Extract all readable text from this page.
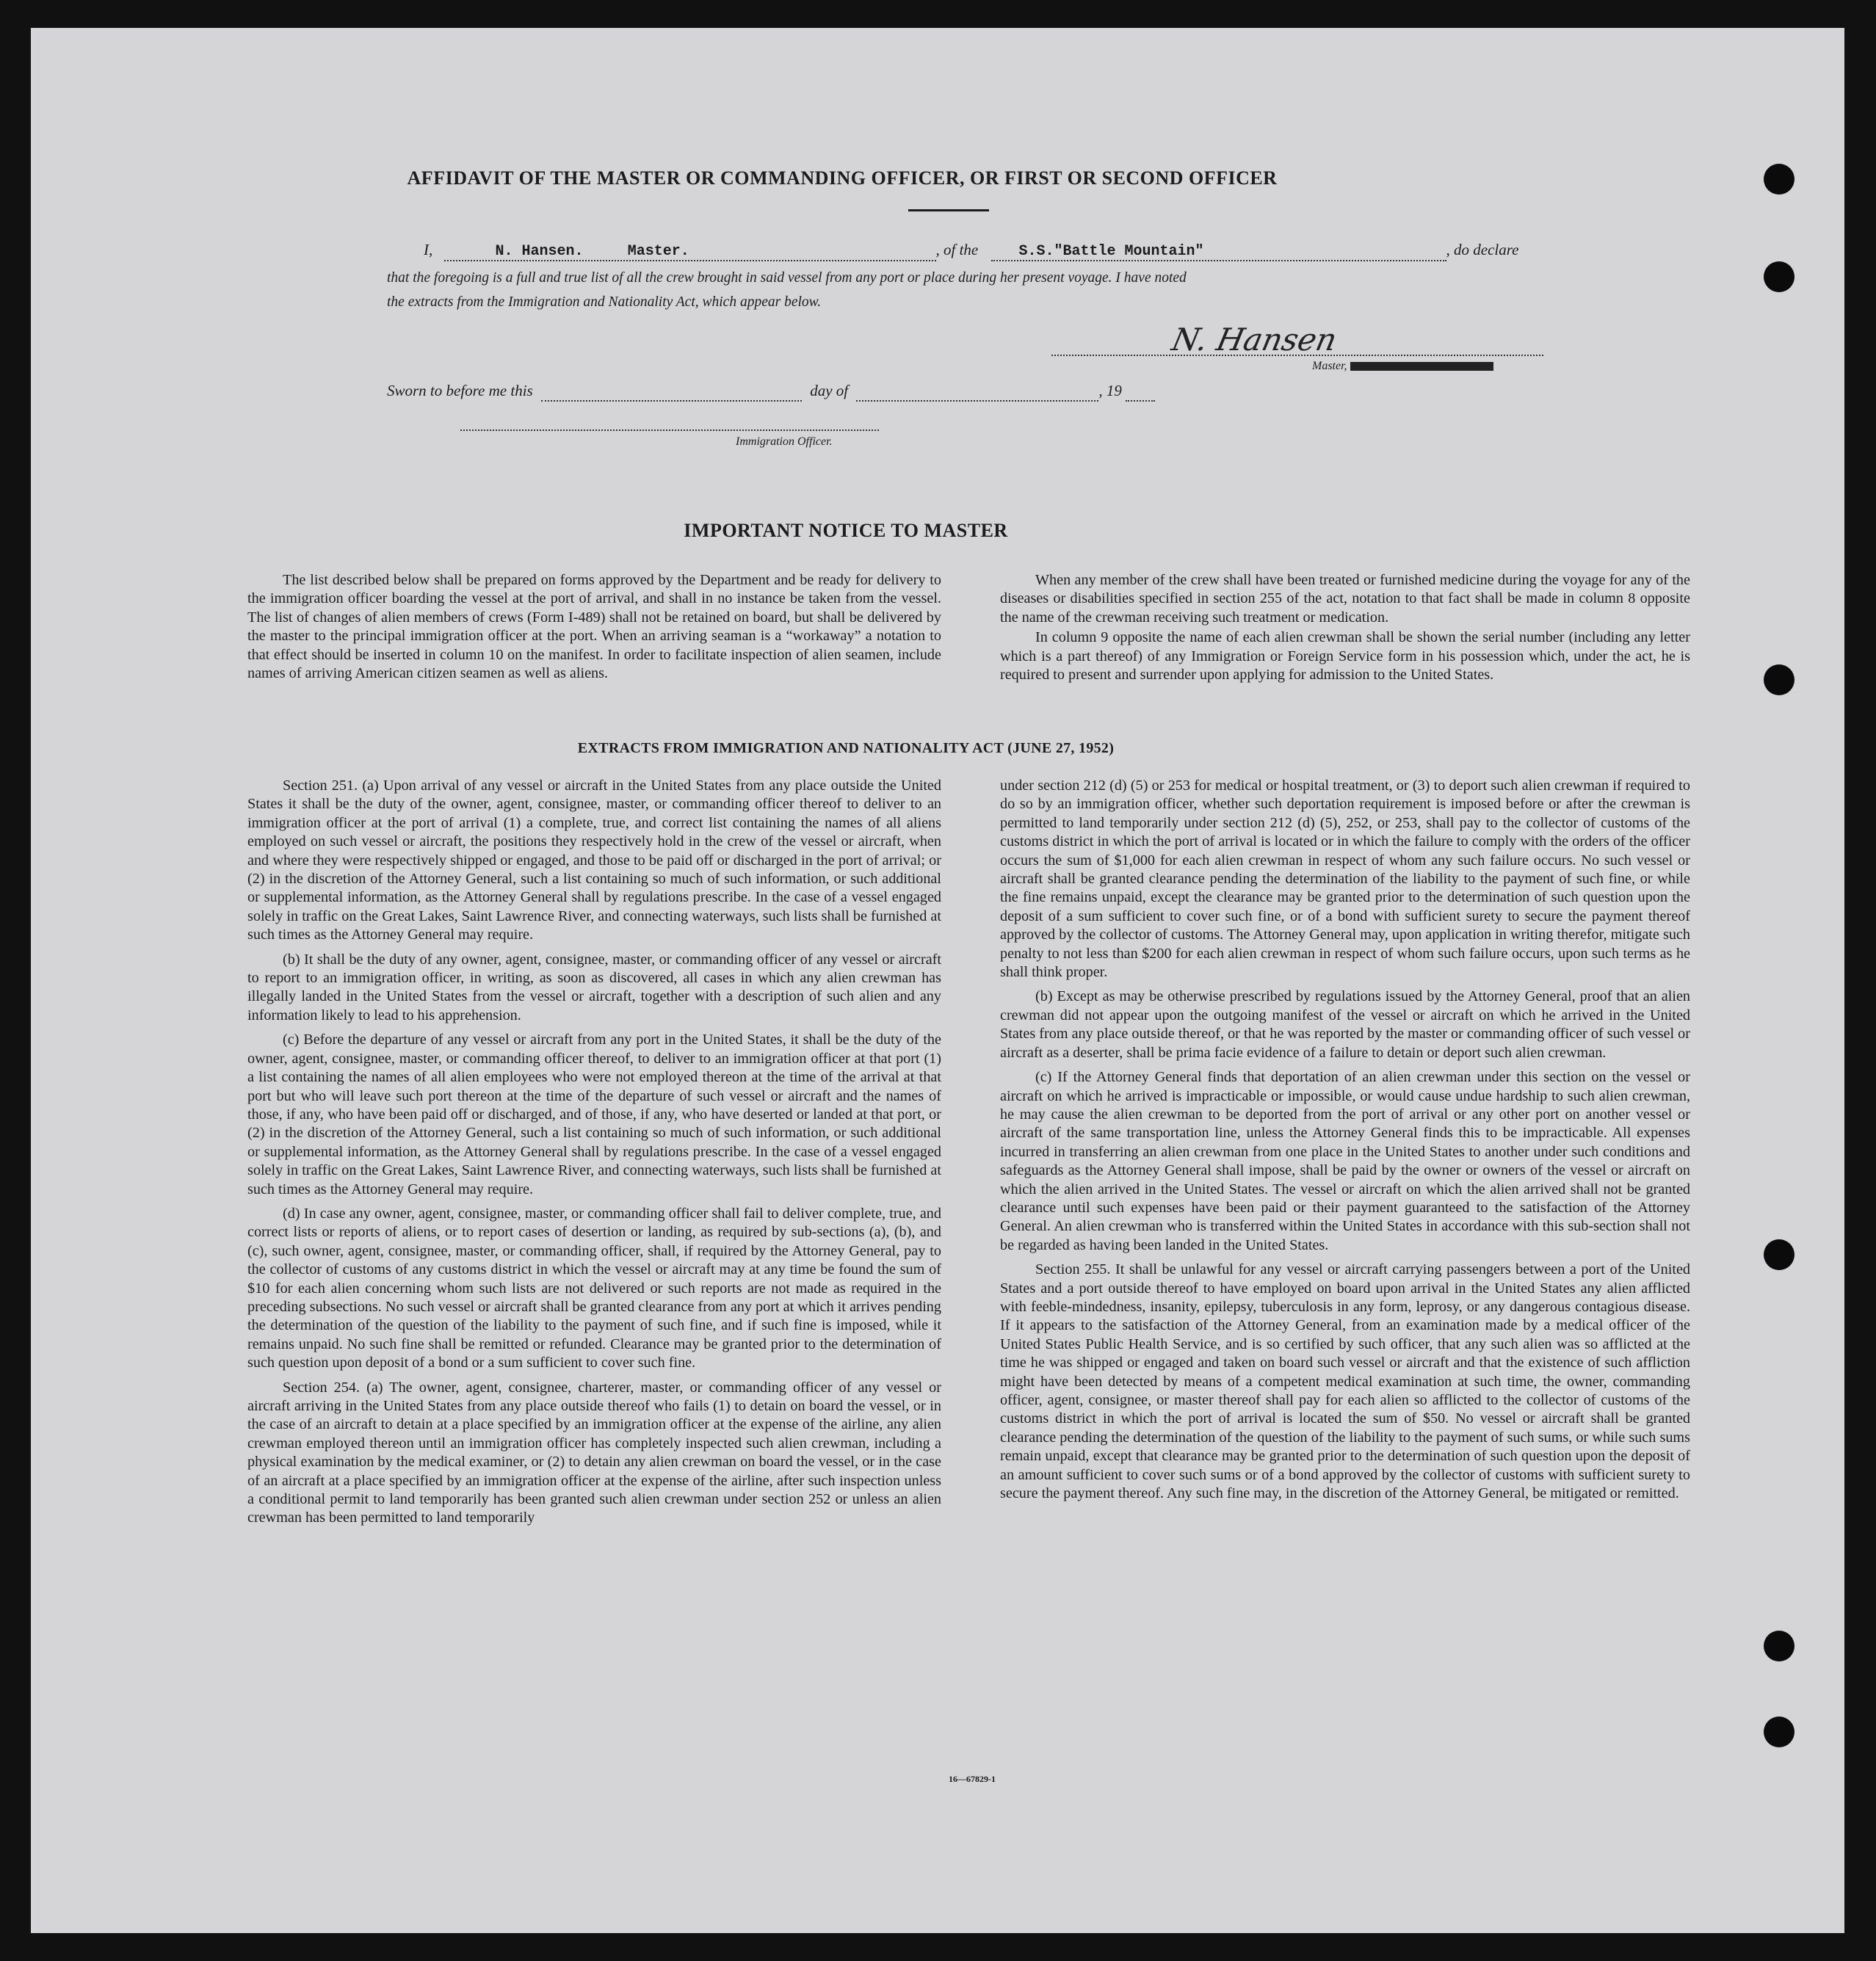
AFFIDAVIT OF THE MASTER OR COMMANDING OFFICER, OR FIRST OR SECOND OFFICER
I,	N. Hansen.	Master.	, of the	S.S."Battle Mountain"	, do declare
that the foregoing is a full and true list of all the crew brought in said vessel from any port or place during her present voyage. I have noted
the extracts from the Immigration and Nationality Act, which appear below.
N. Hansen
Master,
Sworn to before me this	day of	, 19
Immigration Officer.
IMPORTANT NOTICE TO MASTER

The list described below shall be prepared on forms approved by the Department and be ready for delivery to the immigration officer boarding the vessel at the port of arrival, and shall in no instance be taken from the vessel. The list of changes of alien members of crews (Form I-489) shall not be retained on board, but shall be delivered by the master to the principal immigration officer at the port. When an arriving seaman is a “workaway” a notation to that effect should be inserted in column 10 on the manifest. In order to facilitate inspection of alien seamen, include names of arriving American citizen seamen as well as aliens.

When any member of the crew shall have been treated or furnished medicine during the voyage for any of the diseases or disabilities specified in section 255 of the act, notation to that fact shall be made in column 8 opposite the name of the crewman receiving such treatment or medication.

In column 9 opposite the name of each alien crewman shall be shown the serial number (including any letter which is a part thereof) of any Immigration or Foreign Service form in his possession which, under the act, he is required to present and surrender upon applying for admission to the United States.

EXTRACTS FROM IMMIGRATION AND NATIONALITY ACT (JUNE 27, 1952)

Section 251. (a) Upon arrival of any vessel or aircraft in the United States from any place outside the United States it shall be the duty of the owner, agent, consignee, master, or commanding officer thereof to deliver to an immigration officer at the port of arrival (1) a complete, true, and correct list containing the names of all aliens employed on such vessel or aircraft, the positions they respectively hold in the crew of the vessel or aircraft, when and where they were respectively shipped or engaged, and those to be paid off or discharged in the port of arrival; or (2) in the discretion of the Attorney General, such a list containing so much of such information, or such additional or supplemental information, as the Attorney General shall by regulations prescribe. In the case of a vessel engaged solely in traffic on the Great Lakes, Saint Lawrence River, and connecting waterways, such lists shall be furnished at such times as the Attorney General may require.

(b) It shall be the duty of any owner, agent, consignee, master, or commanding officer of any vessel or aircraft to report to an immigration officer, in writing, as soon as discovered, all cases in which any alien crewman has illegally landed in the United States from the vessel or aircraft, together with a description of such alien and any information likely to lead to his apprehension.

(c) Before the departure of any vessel or aircraft from any port in the United States, it shall be the duty of the owner, agent, consignee, master, or commanding officer thereof, to deliver to an immigration officer at that port (1) a list containing the names of all alien employees who were not employed thereon at the time of the arrival at that port but who will leave such port thereon at the time of the departure of such vessel or aircraft and the names of those, if any, who have been paid off or discharged, and of those, if any, who have deserted or landed at that port, or (2) in the discretion of the Attorney General, such a list containing so much of such information, or such additional or supplemental information, as the Attorney General shall by regulations prescribe. In the case of a vessel engaged solely in traffic on the Great Lakes, Saint Lawrence River, and connecting waterways, such lists shall be furnished at such times as the Attorney General may require.

(d) In case any owner, agent, consignee, master, or commanding officer shall fail to deliver complete, true, and correct lists or reports of aliens, or to report cases of desertion or landing, as required by sub-sections (a), (b), and (c), such owner, agent, consignee, master, or commanding officer, shall, if required by the Attorney General, pay to the collector of customs of any customs district in which the vessel or aircraft may at any time be found the sum of $10 for each alien concerning whom such lists are not delivered or such reports are not made as required in the preceding subsections. No such vessel or aircraft shall be granted clearance from any port at which it arrives pending the determination of the question of the liability to the payment of such fine, and if such fine is imposed, while it remains unpaid. No such fine shall be remitted or refunded. Clearance may be granted prior to the determination of such question upon deposit of a bond or a sum sufficient to cover such fine.

Section 254. (a) The owner, agent, consignee, charterer, master, or commanding officer of any vessel or aircraft arriving in the United States from any place outside thereof who fails (1) to detain on board the vessel, or in the case of an aircraft to detain at a place specified by an immigration officer at the expense of the airline, any alien crewman employed thereon until an immigration officer has completely inspected such alien crewman, including a physical examination by the medical examiner, or (2) to detain any alien crewman on board the vessel, or in the case of an aircraft at a place specified by an immigration officer at the expense of the airline, after such inspection unless a conditional permit to land temporarily has been granted such alien crewman under section 252 or unless an alien crewman has been permitted to land temporarily

under section 212 (d) (5) or 253 for medical or hospital treatment, or (3) to deport such alien crewman if required to do so by an immigration officer, whether such deportation requirement is imposed before or after the crewman is permitted to land temporarily under section 212 (d) (5), 252, or 253, shall pay to the collector of customs of the customs district in which the port of arrival is located or in which the failure to comply with the orders of the officer occurs the sum of $1,000 for each alien crewman in respect of whom any such failure occurs. No such vessel or aircraft shall be granted clearance pending the determination of the liability to the payment of such fine, or while the fine remains unpaid, except the clearance may be granted prior to the determination of such question upon the deposit of a sum sufficient to cover such fine, or of a bond with sufficient surety to secure the payment thereof approved by the collector of customs. The Attorney General may, upon application in writing therefor, mitigate such penalty to not less than $200 for each alien crewman in respect of whom such failure occurs, upon such terms as he shall think proper.

(b) Except as may be otherwise prescribed by regulations issued by the Attorney General, proof that an alien crewman did not appear upon the outgoing manifest of the vessel or aircraft on which he arrived in the United States from any place outside thereof, or that he was reported by the master or commanding officer of such vessel or aircraft as a deserter, shall be prima facie evidence of a failure to detain or deport such alien crewman.

(c) If the Attorney General finds that deportation of an alien crewman under this section on the vessel or aircraft on which he arrived is impracticable or impossible, or would cause undue hardship to such alien crewman, he may cause the alien crewman to be deported from the port of arrival or any other port on another vessel or aircraft of the same transportation line, unless the Attorney General finds this to be impracticable. All expenses incurred in transferring an alien crewman from one place in the United States to another under such conditions and safeguards as the Attorney General shall impose, shall be paid by the owner or owners of the vessel or aircraft on which the alien arrived in the United States. The vessel or aircraft on which the alien arrived shall not be granted clearance until such expenses have been paid or their payment guaranteed to the satisfaction of the Attorney General. An alien crewman who is transferred within the United States in accordance with this sub-section shall not be regarded as having been landed in the United States.

Section 255. It shall be unlawful for any vessel or aircraft carrying passengers between a port of the United States and a port outside thereof to have employed on board upon arrival in the United States any alien afflicted with feeble-mindedness, insanity, epilepsy, tuberculosis in any form, leprosy, or any dangerous contagious disease. If it appears to the satisfaction of the Attorney General, from an examination made by a medical officer of the United States Public Health Service, and is so certified by such officer, that any such alien was so afflicted at the time he was shipped or engaged and taken on board such vessel or aircraft and that the existence of such affliction might have been detected by means of a competent medical examination at such time, the owner, commanding officer, agent, consignee, or master thereof shall pay for each alien so afflicted to the collector of customs of the customs district in which the port of arrival is located the sum of $50. No vessel or aircraft shall be granted clearance pending the determination of the question of the liability to the payment of such sums, or while such sums remain unpaid, except that clearance may be granted prior to the determination of such question upon the deposit of an amount sufficient to cover such sums or of a bond approved by the collector of customs with sufficient surety to secure the payment thereof. Any such fine may, in the discretion of the Attorney General, be mitigated or remitted.

16—67829-1
